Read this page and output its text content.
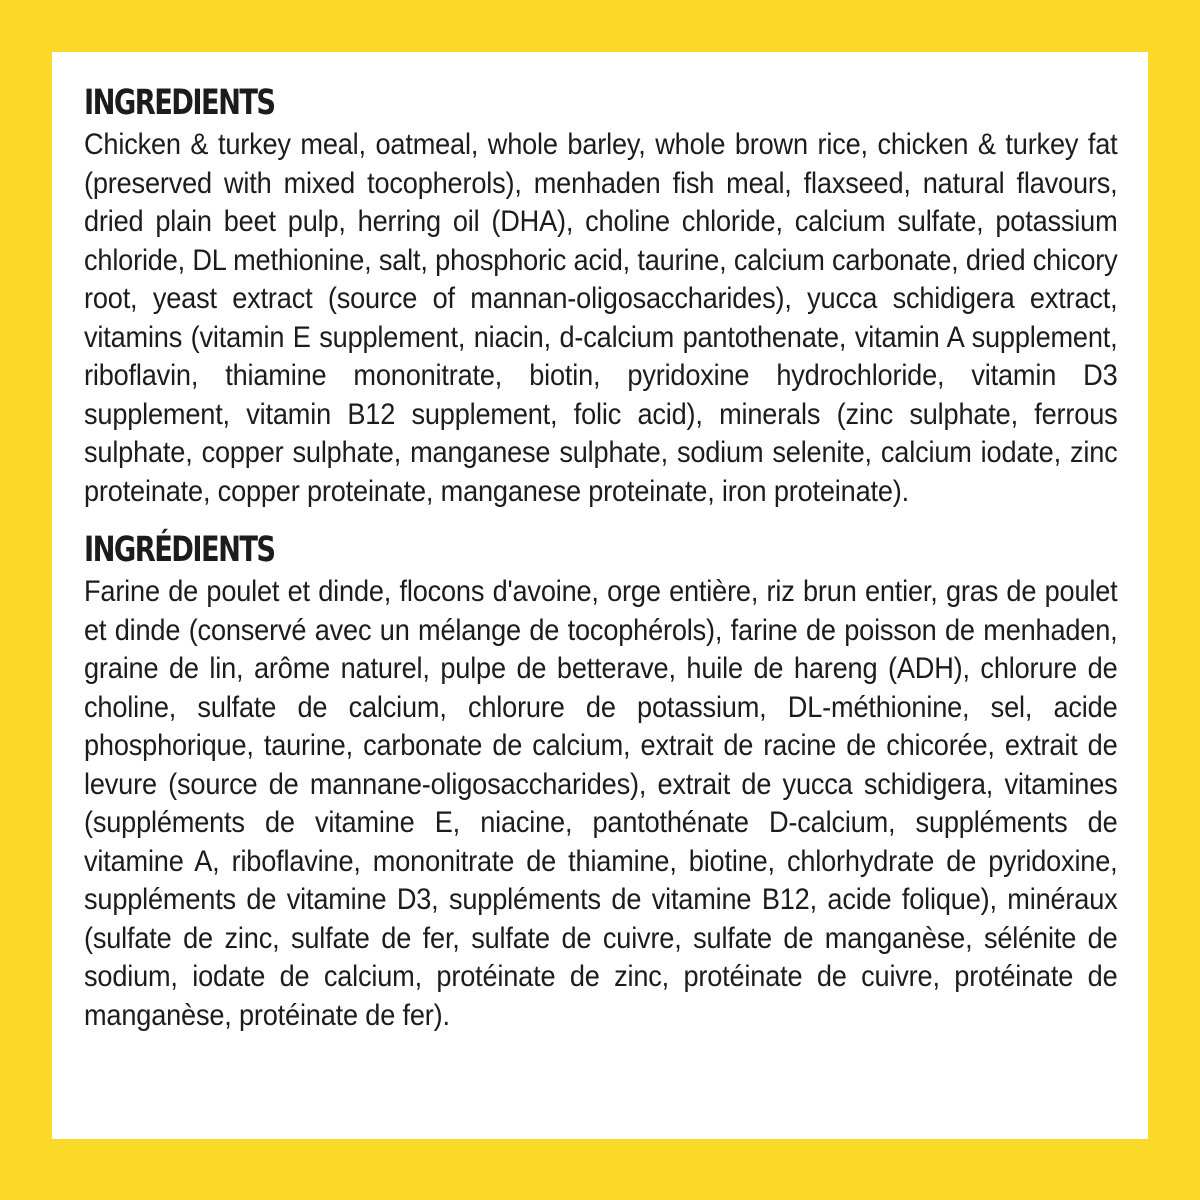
INGREDIENTS

Chicken & turkey meal, oatmeal, whole barley, whole brown rice, chicken & turkey fat (preserved with mixed tocopherols), menhaden fish meal, flaxseed, natural flavours, dried plain beet pulp, herring oil (DHA), choline chloride, calcium sulfate, potassium chloride, DL methionine, salt, phosphoric acid, taurine, calcium carbonate, dried chicory root, yeast extract (source of mannan-oligosaccharides), yucca schidigera extract, vitamins (vitamin E supplement, niacin, d-calcium pantothenate, vitamin A supplement, riboflavin, thiamine mononitrate, biotin, pyridoxine hydrochloride, vitamin D3 supplement, vitamin B12 supplement, folic acid), minerals (zinc sulphate, ferrous sulphate, copper sulphate, manganese sulphate, sodium selenite, calcium iodate, zinc proteinate, copper proteinate, manganese proteinate, iron proteinate).

INGRÉDIENTS

Farine de poulet et dinde, flocons d'avoine, orge entière, riz brun entier, gras de poulet et dinde (conservé avec un mélange de tocophérols), farine de poisson de menhaden, graine de lin, arôme naturel, pulpe de betterave, huile de hareng (ADH), chlorure de choline, sulfate de calcium, chlorure de potassium, DL-méthionine, sel, acide phosphorique, taurine, carbonate de calcium, extrait de racine de chicorée, extrait de levure (source de mannane-oligosaccharides), extrait de yucca schidigera, vitamines (suppléments de vitamine E, niacine, pantothénate D-calcium, suppléments de vitamine A, riboflavine, mononitrate de thiamine, biotine, chlorhydrate de pyridoxine, suppléments de vitamine D3, suppléments de vitamine B12, acide folique), minéraux (sulfate de zinc, sulfate de fer, sulfate de cuivre, sulfate de manganèse, sélénite de sodium, iodate de calcium, protéinate de zinc, protéinate de cuivre, protéinate de manganèse, protéinate de fer).
